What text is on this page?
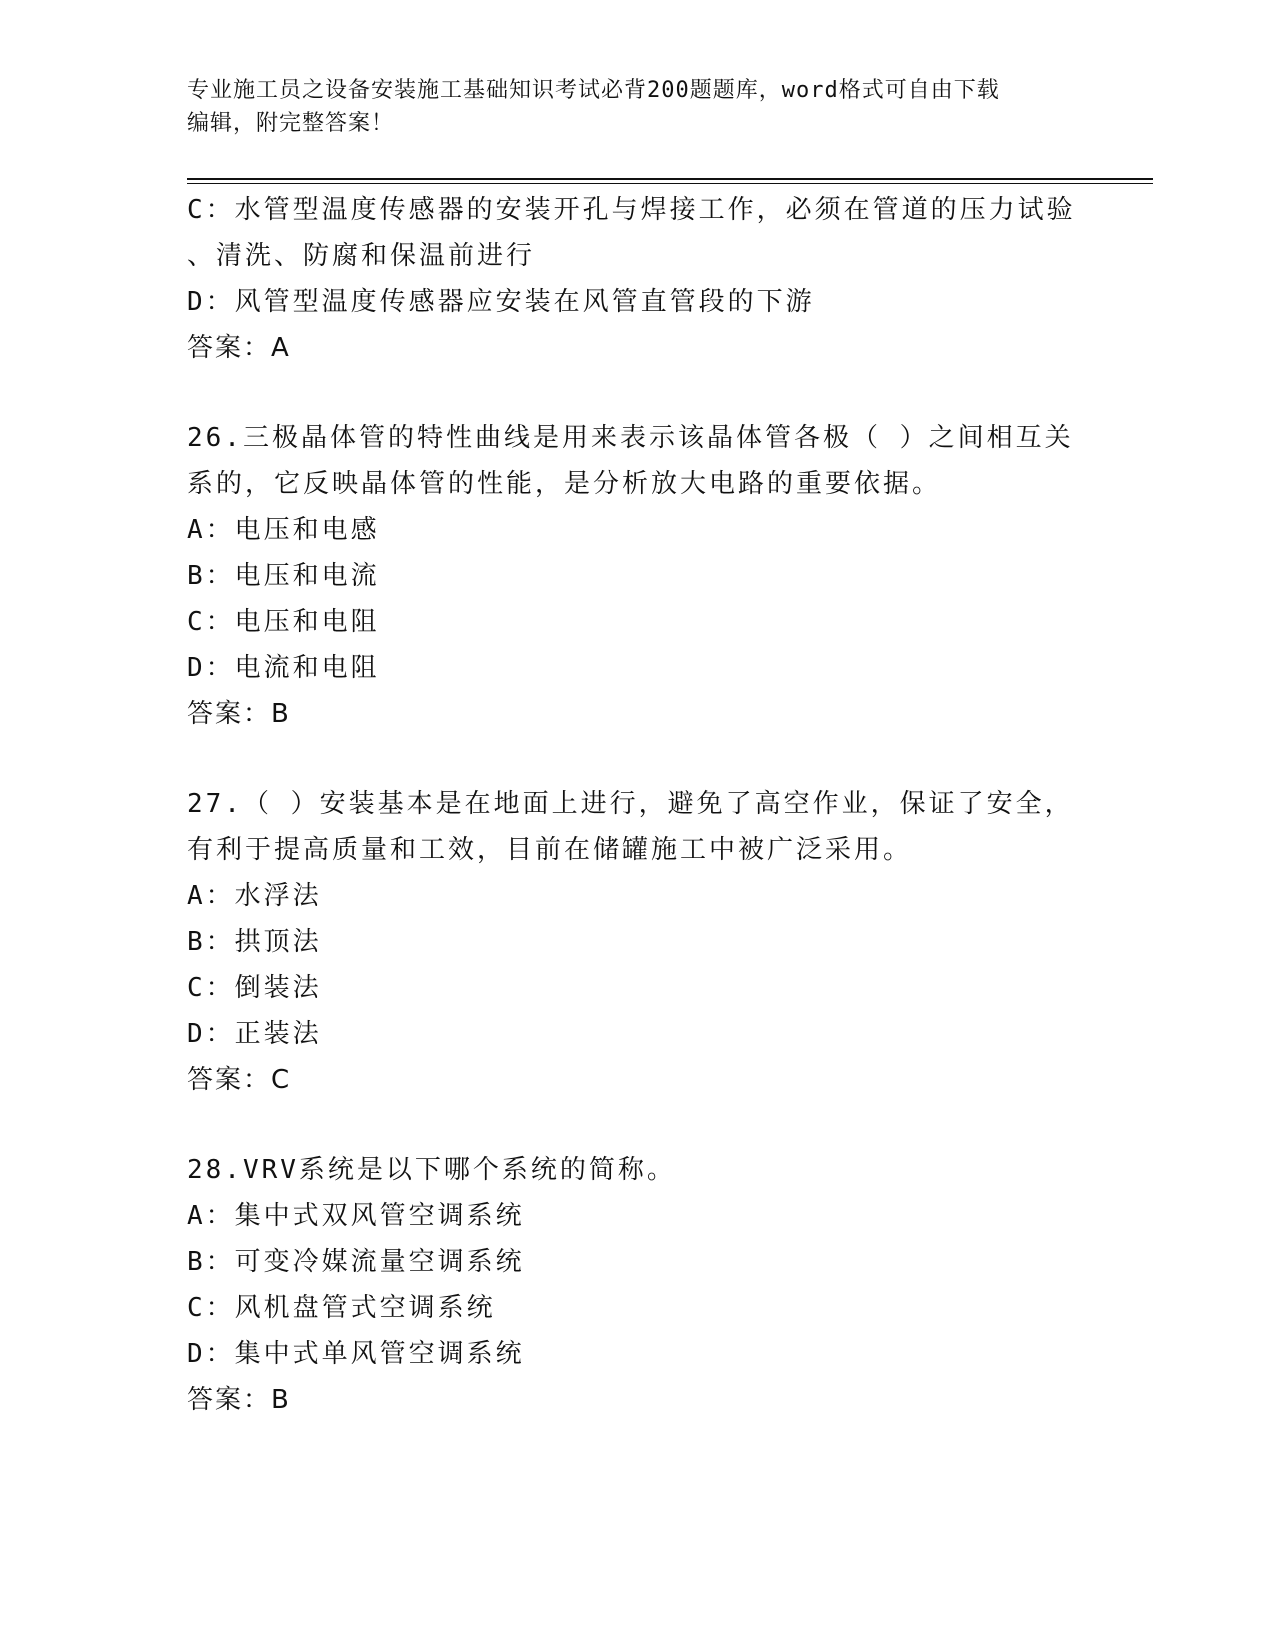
专业施工员之设备安装施工基础知识考试必背200题题库，word格式可自由下载
编辑，附完整答案！
C：水管型温度传感器的安装开孔与焊接工作，必须在管道的压力试验
、清洗、防腐和保温前进行
D：风管型温度传感器应安装在风管直管段的下游
答案：A
26.三极晶体管的特性曲线是用来表示该晶体管各极（ ）之间相互关
系的，它反映晶体管的性能，是分析放大电路的重要依据。
A：电压和电感
B：电压和电流
C：电压和电阻
D：电流和电阻
答案：B
27.（ ）安装基本是在地面上进行，避免了高空作业，保证了安全，
有利于提高质量和工效，目前在储罐施工中被广泛采用。
A：水浮法
B：拱顶法
C：倒装法
D：正装法
答案：C
28.VRV系统是以下哪个系统的简称。
A：集中式双风管空调系统
B：可变冷媒流量空调系统
C：风机盘管式空调系统
D：集中式单风管空调系统
答案：B
